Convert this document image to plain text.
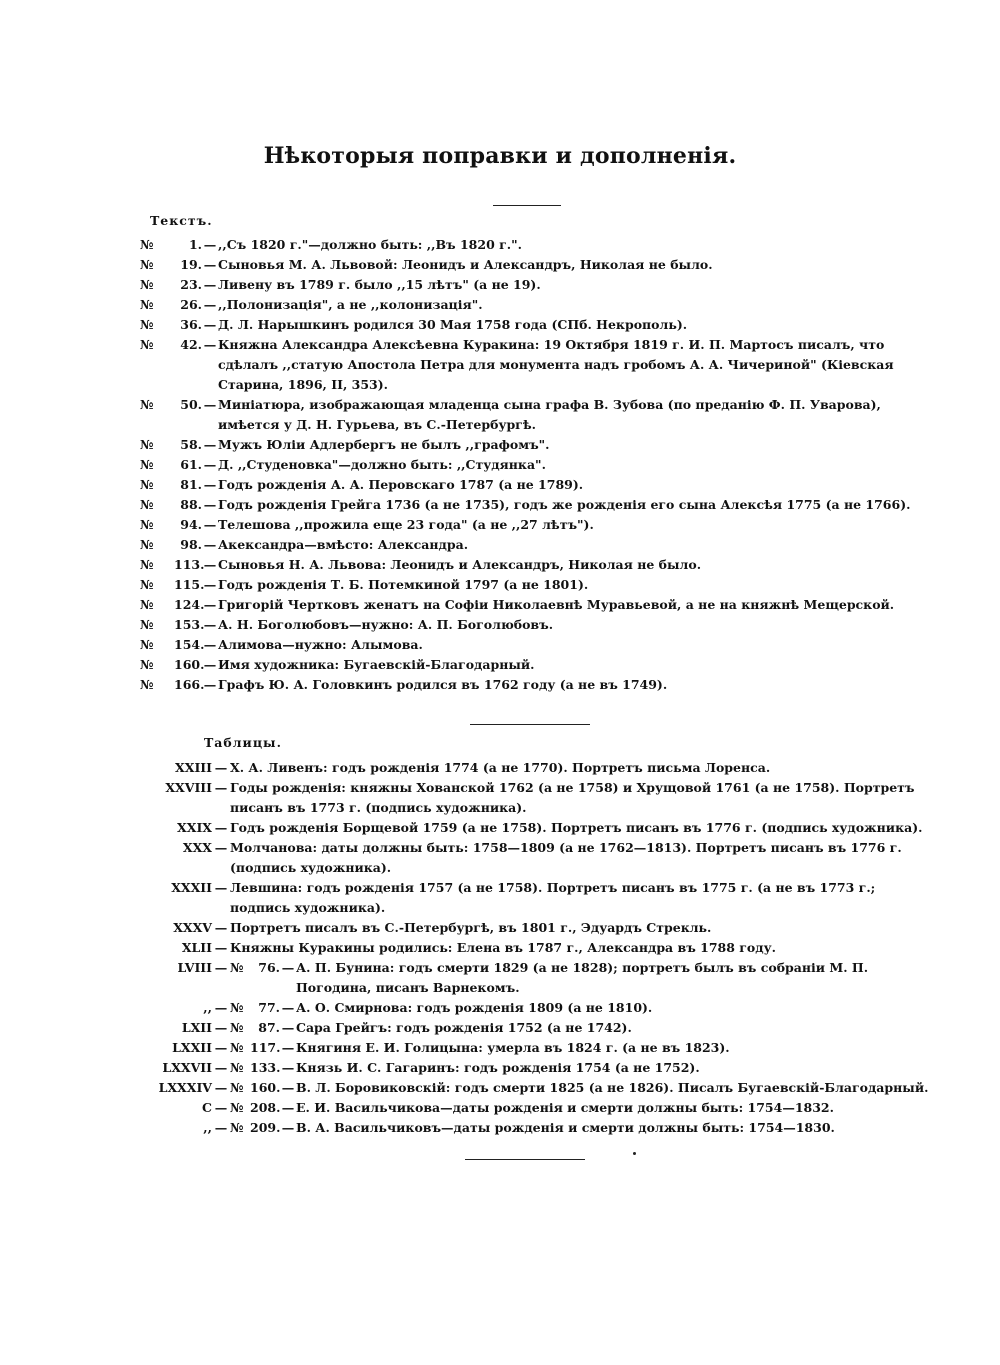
Нѣкоторыя поправки и дополненія.
Текстъ.
№	1. — ,,Съ 1820 г."—должно быть: ,,Въ 1820 г.".
№	19. — Сыновья М. А. Львовой: Леонидъ и Александръ, Николая не было.
№	23. — Ливену въ 1789 г. было ,,15 лѣтъ" (а не 19).
№	26. — ,,Полонизація", а не ,,колонизація".
№	36. — Д. Л. Нарышкинъ родился 30 Мая 1758 года (СПб. Некрополь).
№	42. — Княжна Александра Алексѣевна Куракина: 19 Октября 1819 г. И. П. Мартосъ писалъ, что сдѣлалъ ,,статую Апостола Петра для монумента надъ гробомъ А. А. Чичериной" (Кіевская Старина, 1896, II, 353).
№	50. — Миніатюра, изображающая младенца сына графа В. Зубова (по преданію Ф. П. Уварова), имѣется у Д. Н. Гурьева, въ С.-Петербургѣ.
№	58. — Мужъ Юліи Адлербергъ не былъ ,,графомъ".
№	61. — Д. ,,Студеновка"—должно быть: ,,Студянка".
№	81. — Годъ рожденія А. А. Перовскаго 1787 (а не 1789).
№	88. — Годъ рожденія Грейга 1736 (а не 1735), годъ же рожденія его сына Алексѣя 1775 (а не 1766).
№	94. — Телешова ,,прожила еще 23 года" (а не ,,27 лѣтъ").
№	98. — Акександра—вмѣсто: Александра.
№	113. — Сыновья Н. А. Львова: Леонидъ и Александръ, Николая не было.
№	115. — Годъ рожденія Т. Б. Потемкиной 1797 (а не 1801).
№	124. — Григорій Чертковъ женатъ на Софіи Николаевнѣ Муравьевой, а не на княжнѣ Мещерской.
№	153. — А. Н. Боголюбовъ—нужно: А. П. Боголюбовъ.
№	154. — Алимова—нужно: Алымова.
№	160. — Имя художника: Бугаевскій-Благодарный.
№	166. — Графъ Ю. А. Головкинъ родился въ 1762 году (а не въ 1749).
Таблицы.
XXIII — Х. А. Ливенъ: годъ рожденія 1774 (а не 1770). Портретъ письма Лоренса.
XXVIII — Годы рожденія: княжны Хованской 1762 (а не 1758) и Хрущовой 1761 (а не 1758). Портретъ писанъ въ 1773 г. (подпись художника).
XXIX — Годъ рожденія Борщевой 1759 (а не 1758). Портретъ писанъ въ 1776 г. (подпись художника).
XXX — Молчанова: даты должны быть: 1758—1809 (а не 1762—1813). Портретъ писанъ въ 1776 г. (подпись художника).
XXXII — Левшина: годъ рожденія 1757 (а не 1758). Портретъ писанъ въ 1775 г. (а не въ 1773 г.; подпись художника).
XXXV — Портретъ писалъ въ С.-Петербургѣ, въ 1801 г., Эдуардъ Стрекль.
XLII — Княжны Куракины родились: Елена въ 1787 г., Александра въ 1788 году.
LVIII — №	76. — А. П. Бунина: годъ смерти 1829 (а не 1828); портретъ былъ въ собраніи М. П. Погодина, писанъ Варнекомъ.
,, — №	77. — А. О. Смирнова: годъ рожденія 1809 (а не 1810).
LXII — №	87. — Сара Грейгъ: годъ рожденія 1752 (а не 1742).
LXXII — № 117. — Княгиня Е. И. Голицына: умерла въ 1824 г. (а не въ 1823).
LXXVII — № 133. — Князь И. С. Гагаринъ: годъ рожденія 1754 (а не 1752).
LXXXIV — № 160. — В. Л. Боровиковскій: годъ смерти 1825 (а не 1826). Писалъ Бугаевскій-Благодарный.
C — № 208. — Е. И. Васильчикова—даты рожденія и смерти должны быть: 1754—1832.
,, — № 209. — В. А. Васильчиковъ—даты рожденія и смерти должны быть: 1754—1830.
